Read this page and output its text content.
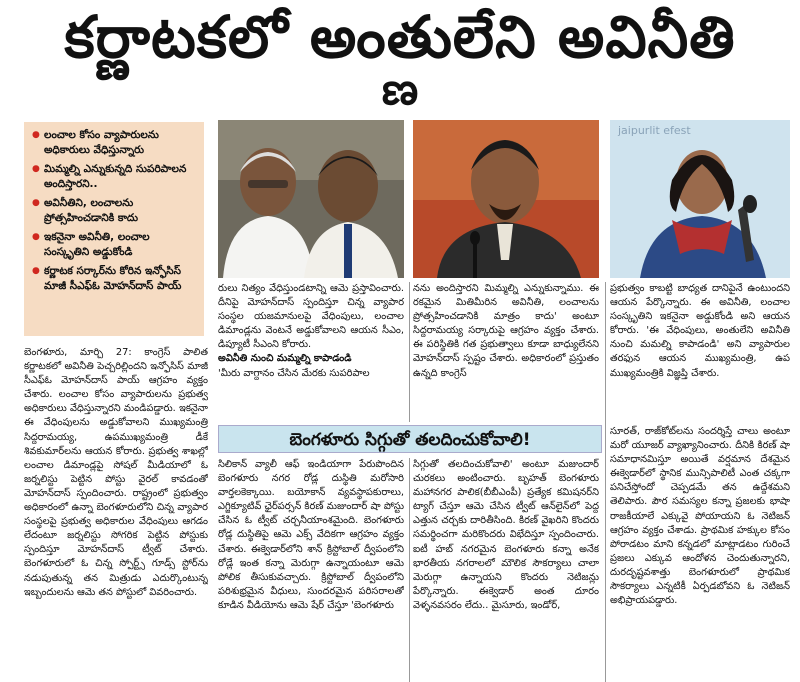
కర్ణాటకలో అంతులేని అవినీతి
ణ
● లంచాల కోసం వ్యాపారులను అధికారులు వేధిస్తున్నారు
● మిమ్మల్ని ఎన్నుకున్నది సుపరిపాలన అందిస్తారని..
● అవినీతిని, లంచాలను ప్రోత్సహించడానికి కాదు
● ఇకనైనా అవినీతి, లంచాల సంస్కృతిని అడ్డుకోండి
● కర్ణాటక సర్కార్‌ను కోరిన ఇన్ఫోసిస్ మాజీ సీఎఫ్‌ఓ మోహన్‌దాస్ పాయ్
jaipurlit efest

బెంగళూరు, మార్చి 27: కాంగ్రెస్ పాలిత కర్ణాటకలో అవినీతి పెచ్చరిల్లిందని ఇన్ఫోసిస్ మాజీ సీఎఫ్‌ఓ మోహన్‌దాస్ పాయ్ ఆగ్రహం వ్యక్తం చేశారు. లంచాల కోసం వ్యాపారులను ప్రభుత్వ అధికారులు వేధిస్తున్నారని మండిపడ్డారు. ఇకనైనా ఈ వేధింపులను అడ్డుకోవాలని ముఖ్యమంత్రి సిద్దరామయ్య, ఉపముఖ్యమంత్రి డీకే శివకుమార్‌లను ఆయన కోరారు. ప్రభుత్వ శాఖల్లో లంచాల డిమాండ్లపై సోషల్ మీడియాలో ఓ జర్నలిస్టు పెట్టిన పోస్టు వైరల్ కావడంతో మోహన్‌దాస్ స్పందించారు. రాష్ట్రంలో ప్రభుత్వం అధికారంలో ఉన్నా బెంగళూరులోని చిన్న వ్యాపార సంస్థలపై ప్రభుత్వ అధికారుల వేధింపులు ఆగడం లేదంటూ జర్నలిస్టు సోగరిక పెట్టిన పోస్టుకు స్పందిస్తూ మోహన్‌దాస్ ట్వీట్ చేశారు. బెంగళూరులో ఓ చిన్న స్పోర్ట్స్ గూడ్స్ స్టోర్‌ను నడుపుతున్న తన మిత్రుడు ఎదుర్కొంటున్న ఇబ్బందులను ఆమె తన పోస్టులో వివరించారు.

రులు నిత్యం వేధిస్తుండటాన్ని ఆమె ప్రస్తావించారు. దీనిపై మోహన్‌దాస్ స్పందిస్తూ చిన్న వ్యాపార సంస్థల యజమానులపై వేధింపులు, లంచాల డిమాండ్లను వెంటనే అడ్డుకోవాలని ఆయన సీఎం, డిప్యూటీ సీఎంని కోరారు.

అవినీతి నుంచి మమ్మల్ని కాపాడండి

'మీరు వాగ్దానం చేసిన మేరకు సుపరిపాల

నను అందిస్తారని మిమ్మల్ని ఎన్నుకున్నాము. ఈ రకమైన మితిమీరిన అవినీతి, లంచాలను ప్రోత్సహించడానికి మాత్రం కాదు' అంటూ సిద్దరామయ్య సర్కారుపై ఆగ్రహం వ్యక్తం చేశారు. ఈ పరిస్థితికి గత ప్రభుత్వాలు కూడా బాధ్యులేనని మోహన్‌దాస్ స్పష్టం చేశారు. అధికారంలో ప్రస్తుతం ఉన్నది కాంగ్రెస్

ప్రభుత్వం కాబట్టి బాధ్యత దానిపైనే ఉంటుందని ఆయన పేర్కొన్నారు. ఈ అవినీతి, లంచాల సంస్కృతిని ఇకనైనా అడ్డుకోండి అని ఆయన కోరారు. 'ఈ వేధింపులు, అంతులేని అవినీతి నుంచి మమల్ని కాపాడండి' అని వ్యాపారుల తరఫున ఆయన ముఖ్యమంత్రి, ఉప ముఖ్యమంత్రికి విజ్ఞప్తి చేశారు.

బెంగళూరు సిగ్గుతో తలదించుకోవాలి!

సిలికాన్ వ్యాలీ ఆఫ్ ఇండియాగా పేరుపొందిన బెంగళూరు నగర రోడ్ల దుస్థితి మరోసారి వార్తలకెక్కాయి. బయోకాన్ వ్యవస్థాపకురాలు, ఎగ్జిక్యూటివ్ ఛైర్‌పర్సన్ కిరణ్ మజుందార్ షా పోస్టు చేసిన ఓ ట్వీట్ చర్చనీయాంశమైంది. బెంగళూరు రోడ్ల దుస్థితిపై ఆమె ఎక్స్ వేదికగా ఆగ్రహం వ్యక్తం చేశారు. ఈక్వెడార్‌లోని శాన్ క్రిస్టోబాల్ ద్వీపంలోని రోడ్లే ఇంత కన్నా మెరుగ్గా ఉన్నాయంటూ ఆమె పోలిక తీసుకువచ్చారు. క్రిస్టోబాల్ ద్వీపంలోని పరిశుభ్రమైన వీధులు, సుందరమైన పరిసరాలతో కూడిన వీడియోను ఆమె షేర్ చేస్తూ 'బెంగళూరు

సిగ్గుతో తలదించుకోవాలి' అంటూ మజుందార్ చురకలు అంటించారు. బృహత్ బెంగళూరు మహానగర పాలిక(బీబీఎంపీ) ప్రత్యేక కమిషనర్‌ని ట్యాగ్ చేస్తూ ఆమె చేసిన ట్వీట్ ఆన్‌లైన్‌లో పెద్ద ఎత్తున చర్చకు దారితీసింది. కిరణ్ వైఖరిని కొందరు సమర్థించగా మరికొందరు విభేదిస్తూ స్పందించారు. ఐటీ హబ్ నగరమైన బెంగళూరు కన్నా అనేక భారతీయ నగరాలలో మౌలిక సౌకర్యాలు చాలా మెరుగ్గా ఉన్నాయని కొందరు నెటిజన్లు పేర్కొన్నారు. ఈక్వెడార్ అంత దూరం వెళ్ళనవసరం లేదు.. మైసూరు, ఇండోర్,

సూరత్, రాజ్‌కోట్‌లను సందర్శిస్తే చాలు అంటూ మరో యూజర్ వ్యాఖ్యానించారు. దీనికి కిరణ్ షా సమాధానమిస్తూ అయితే వర్షమాన దేశమైన ఈక్వెడార్‌లో స్థానిక మున్సిపాలిటీ ఎంత చక్కగా పనిచేస్తోందో చెప్పడమే తన ఉద్దేశమని తెలిపారు. పౌర సమస్యల కన్నా ప్రజలకు భాషా రాజకీయాలే ఎక్కువై పోయాయని ఓ నెటిజన్ ఆగ్రహం వ్యక్తం చేశాడు. ప్రాథమిక హక్కుల కోసం పోరాడటం మాని కన్నడలో మాట్లాడటం గురించే ప్రజలు ఎక్కువ ఆందోళన చెందుతున్నారని, దురదృష్టవశాత్తు బెంగళూరులో ప్రాథమిక సౌకర్యాలు ఎన్నటికీ ఏర్పడబోవని ఓ నెటిజన్ అభిప్రాయపడ్డారు.
